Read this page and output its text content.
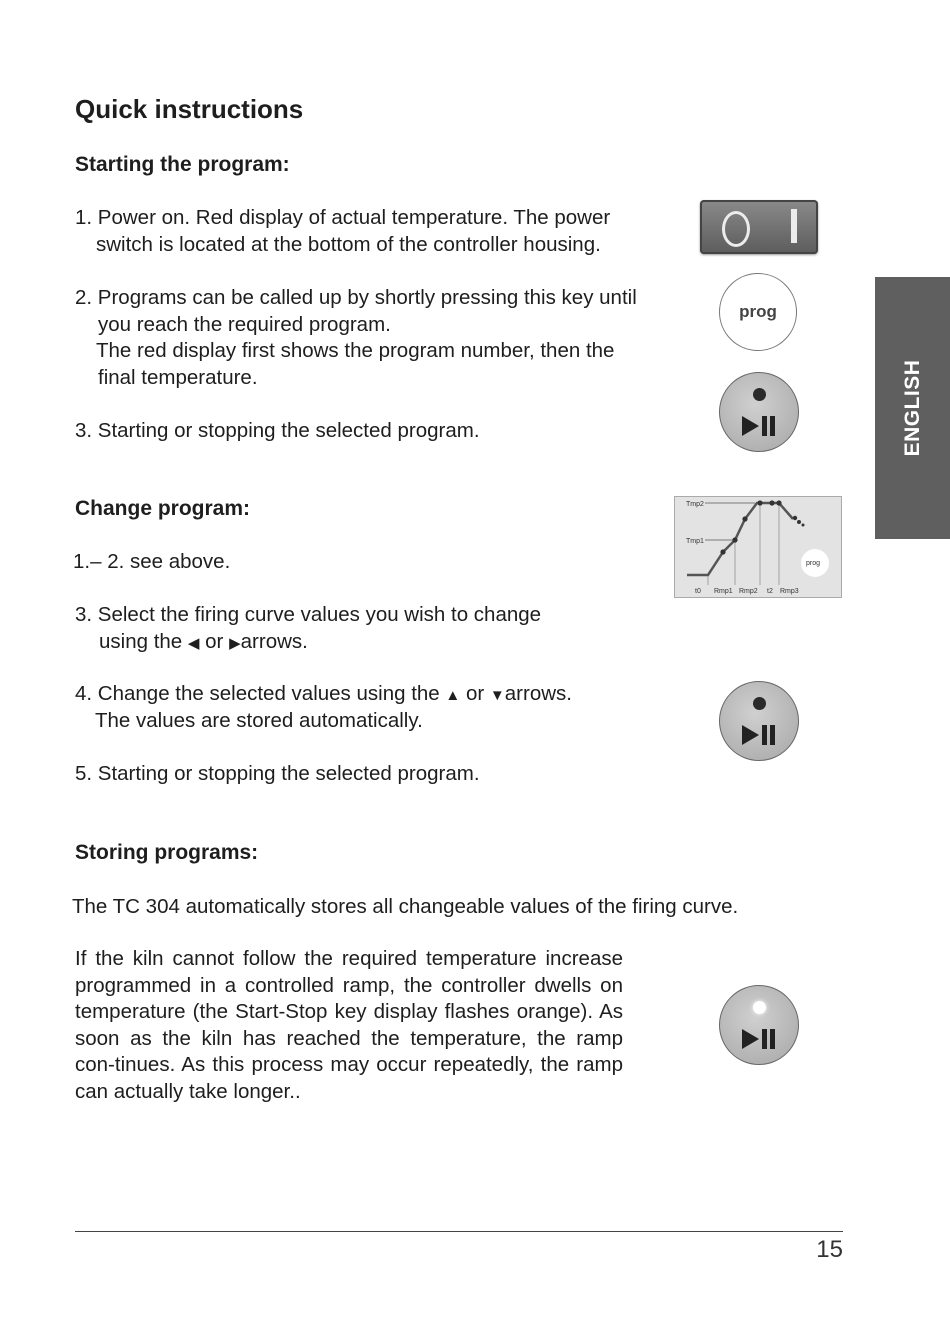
Quick instructions
Starting the program:
1. Power on. Red display of actual temperature. The power
switch is located at the bottom of the controller housing.
2. Programs can be called up by shortly pressing this key until
you reach the required program.
The red display first shows the program number, then the
final temperature.
3. Starting or stopping the selected program.
Change program:
1.– 2. see above.
3. Select the firing curve values you wish to change
using the ◀ or ▶arrows.
4. Change the selected values using the ▲ or ▼arrows.
The values are stored automatically.
5. Starting or stopping the selected program.
Storing programs:
The TC 304 automatically stores all changeable values of the firing curve.
If the kiln cannot follow the required temperature increase programmed in a controlled ramp, the controller dwells on temperature (the Start-Stop key display flashes orange). As soon as the kiln has reached the temperature, the ramp con-tinues. As this process may occur repeatedly, the ramp can actually take longer..
prog
Tmp2
Tmp1
prog
t0 Rmp1 Rmp2 t2 Rmp3
ENGLISH
15
